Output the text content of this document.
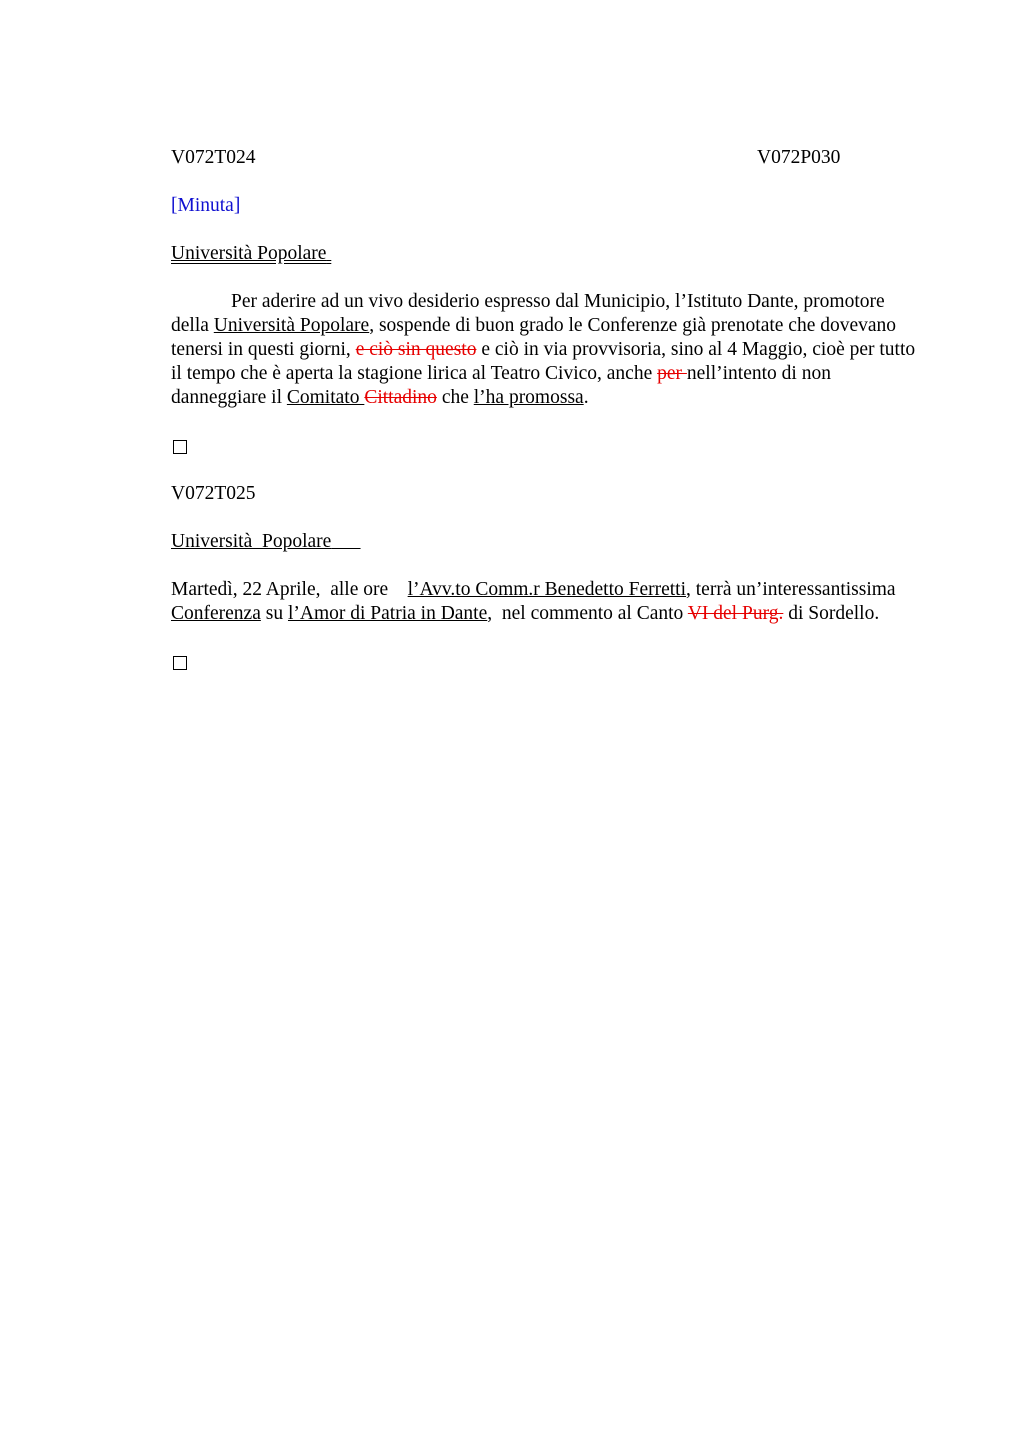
V072T024	V072P030
[Minuta]
Università Popolare

Per aderire ad un vivo desiderio espresso dal Municipio, l’Istituto Dante, promotore della Università Popolare, sospende di buon grado le Conferenze già prenotate che dovevano tenersi in questi giorni, e ciò sin questo e ciò in via provvisoria, sino al 4 Maggio, cioè per tutto il tempo che è aperta la stagione lirica al Teatro Civico, anche per nell’intento di non danneggiare il Comitato Cittadino che l’ha promossa.

V072T025
Università  Popolare

Martedì, 22 Aprile,  alle ore    l’Avv.to Comm.r Benedetto Ferretti, terrà un’interessantissima Conferenza su l’Amor di Patria in Dante,  nel commento al Canto VI del Purg. di Sordello.
